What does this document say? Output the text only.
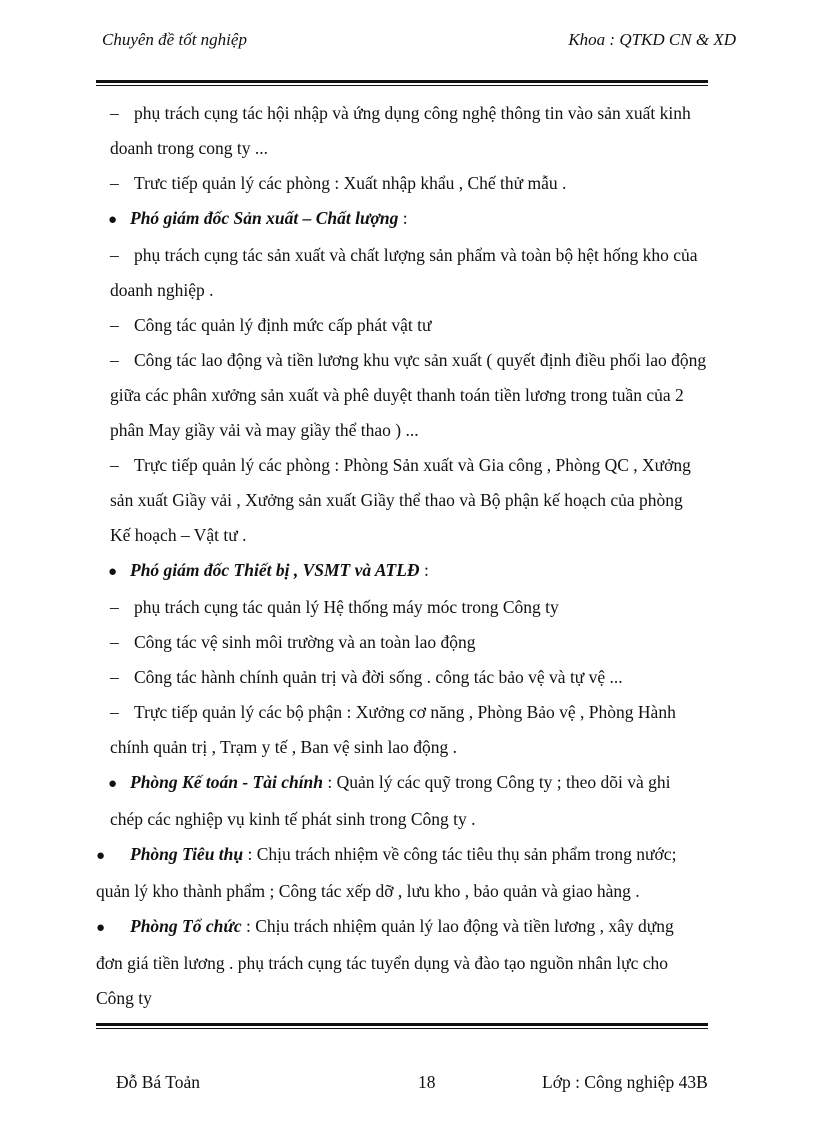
Chuyên đề tốt nghiệp	Khoa : QTKD CN & XD

– phụ trách cụng tác hội nhập và ứng dụng công nghệ thông tin vào sản xuất kinh

doanh trong cong ty ...

– Trưc tiếp quản lý các phòng : Xuất nhập khẩu , Chế thử mẫu .

● Phó giám đốc Sản xuất – Chất lượng :

– phụ trách cụng tác sản xuất và chất lượng sản phẩm và toàn bộ hệt hống kho của

doanh nghiệp .

– Công tác quản lý định mức cấp phát vật tư

– Công tác lao động và tiền lương khu vực sản xuất ( quyết định điều phối lao động

giữa các phân xưởng sản xuất và phê duyệt thanh toán tiền lương trong tuần của 2

phân May giầy vải và may giầy thể thao ) ...

– Trực tiếp quản lý các phòng : Phòng Sản xuất và Gia công , Phòng QC , Xưởng

sản xuất Giầy vải , Xưởng sản xuất Giầy thể thao và Bộ phận kế hoạch của phòng

Kế hoạch – Vật tư .

● Phó giám đốc Thiết bị , VSMT và ATLĐ :

– phụ trách cụng tác quản lý Hệ thống máy móc trong Công ty

– Công tác vệ sinh môi trường và an toàn lao động

– Công tác hành chính quản trị và đời sống . công tác bảo vệ và tự vệ ...

– Trực tiếp quản lý các bộ phận : Xưởng cơ năng , Phòng Bảo vệ , Phòng Hành

chính quản trị , Trạm y tế , Ban vệ sinh lao động .

● Phòng Kế toán - Tài chính : Quản lý các quỹ trong Công ty ; theo dõi và ghi

chép các nghiệp vụ kinh tế phát sinh trong Công ty .

● Phòng Tiêu thụ : Chịu trách nhiệm về công tác tiêu thụ sản phẩm trong nước;

quản lý kho thành phẩm ; Công tác xếp dỡ , lưu kho , bảo quản và giao hàng .

● Phòng Tổ chức : Chịu trách nhiệm quản lý lao động và tiền lương , xây dựng

đơn giá tiền lương . phụ trách cụng tác tuyển dụng và đào tạo nguồn nhân lực cho

Công ty

Đỗ Bá Toản	18	Lớp : Công nghiệp 43B
